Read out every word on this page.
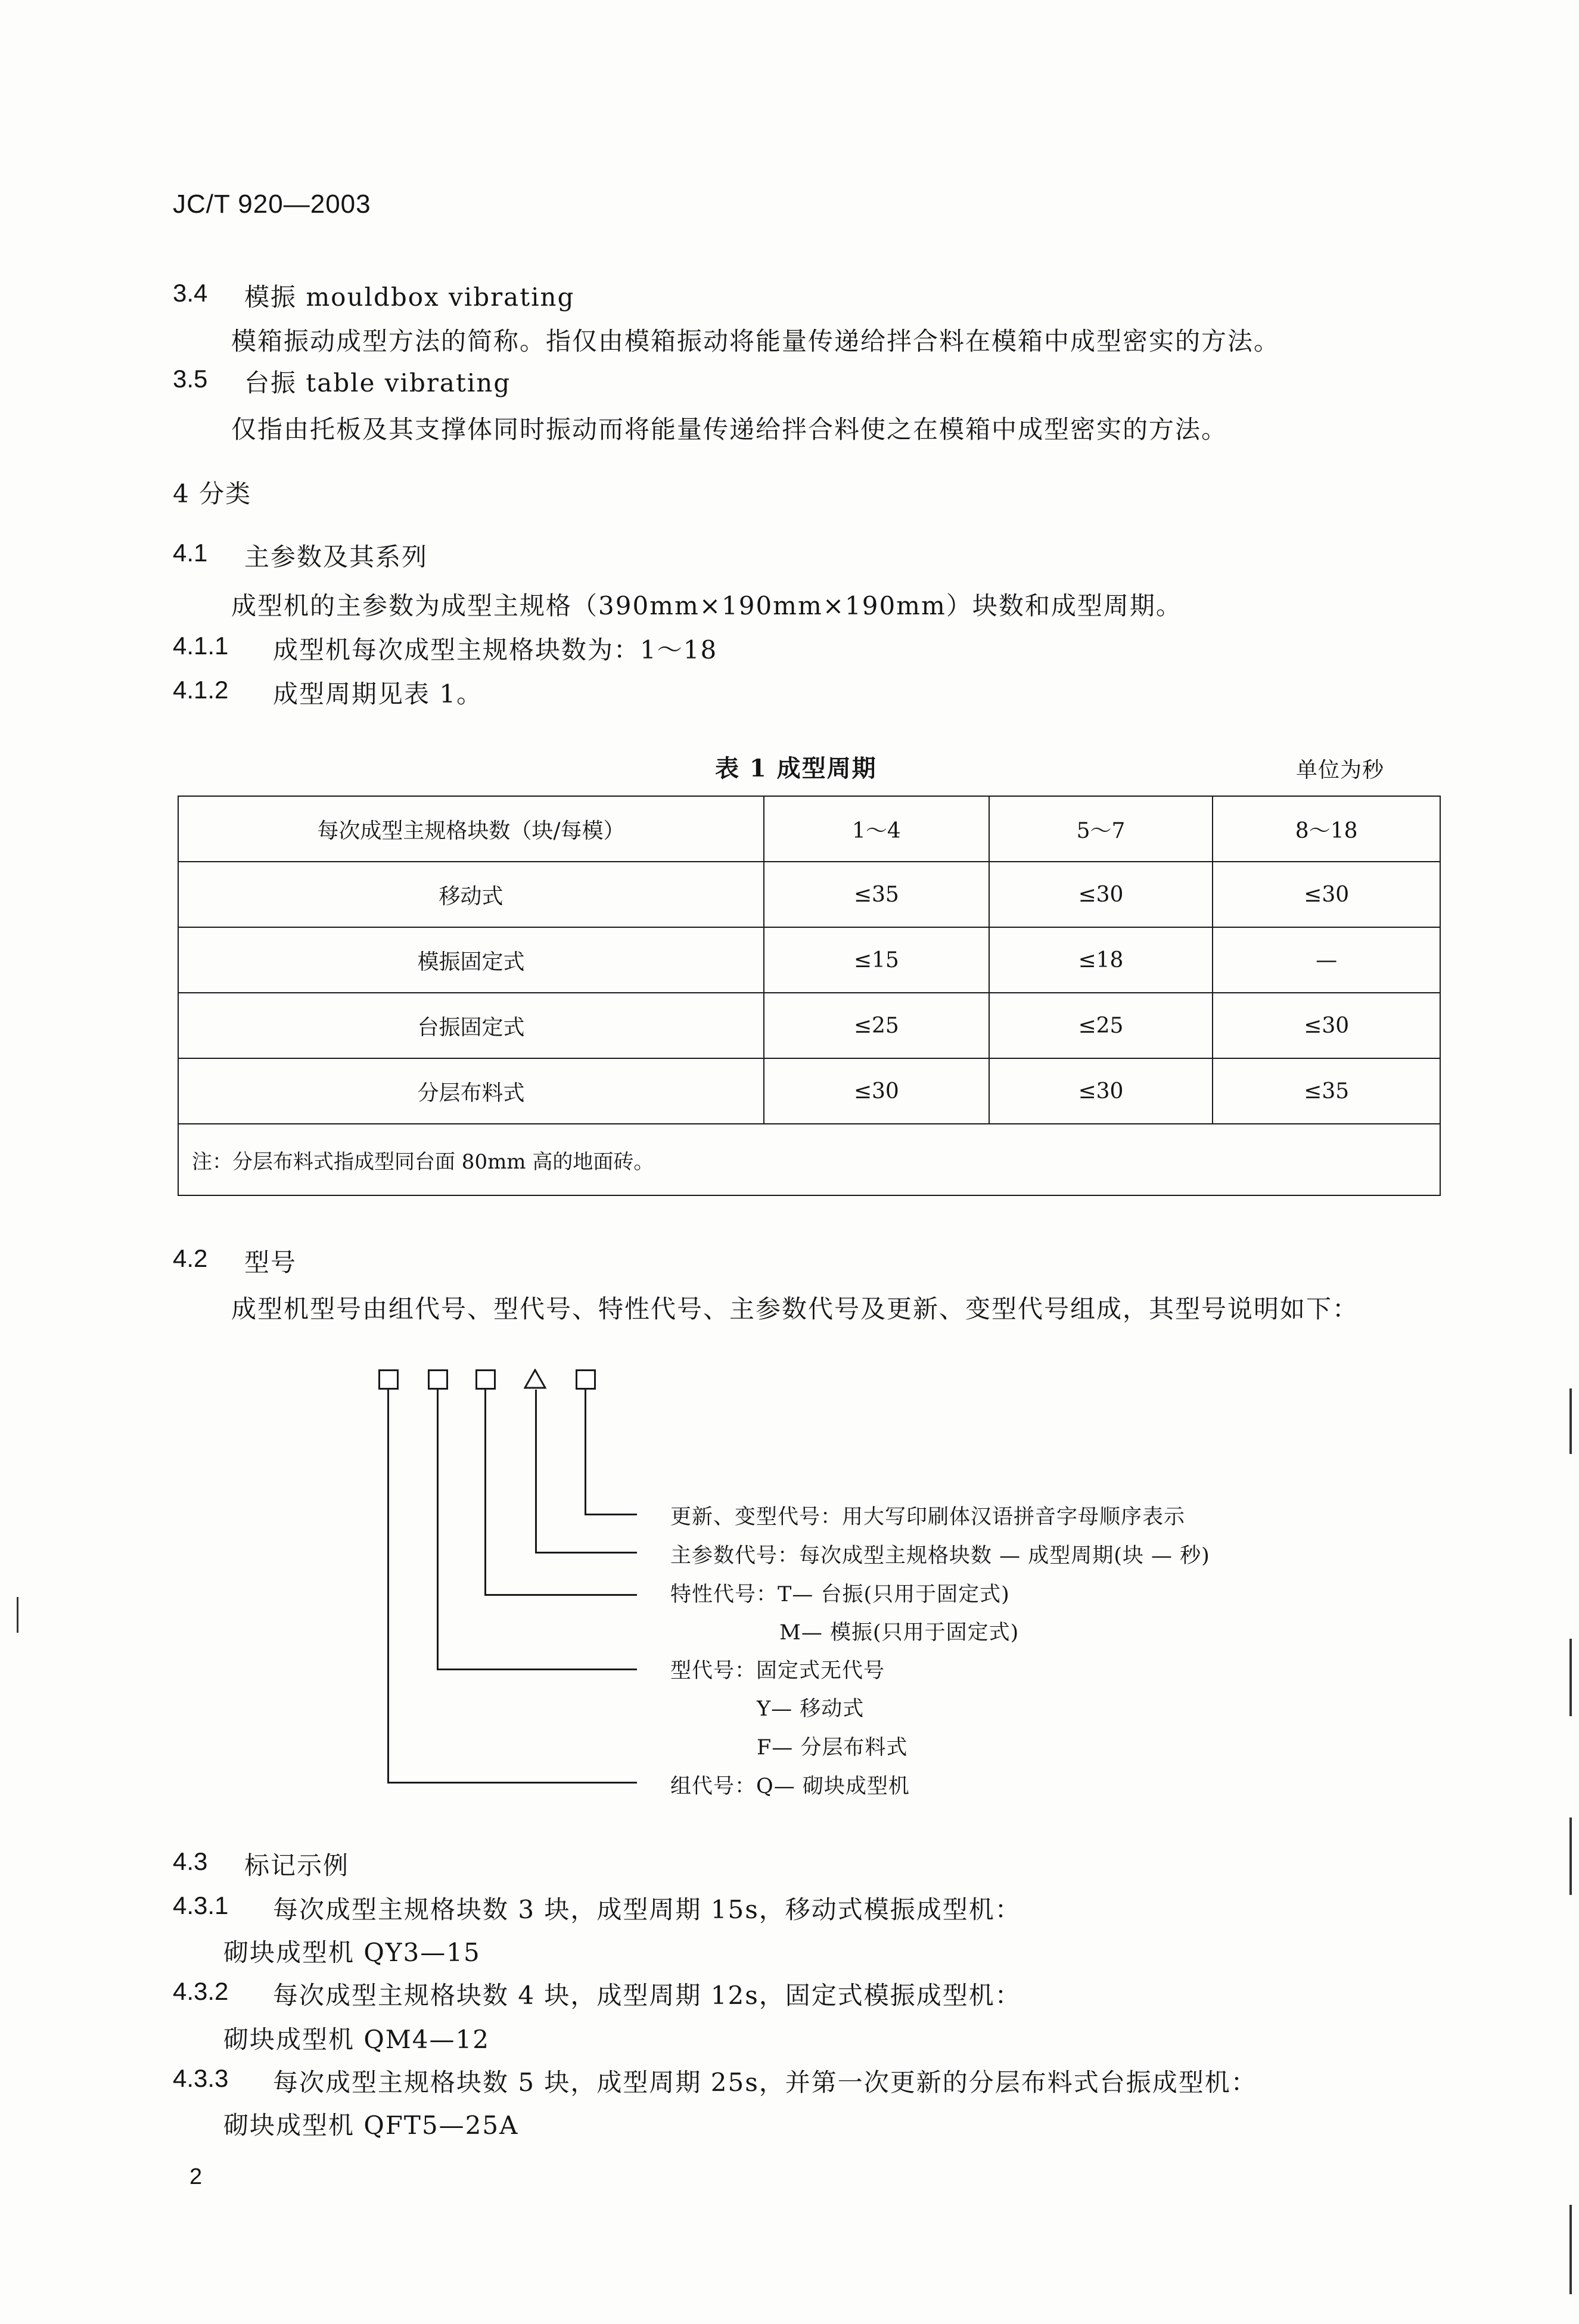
JC/T 920—2003
3.4 模振 mouldbox vibrating
模箱振动成型方法的简称。指仅由模箱振动将能量传递给拌合料在模箱中成型密实的方法。
3.5 台振 table vibrating
仅指由托板及其支撑体同时振动而将能量传递给拌合料使之在模箱中成型密实的方法。
4 分类
4.1 主参数及其系列
成型机的主参数为成型主规格（390mm×190mm×190mm）块数和成型周期。
4.1.1 成型机每次成型主规格块数为：1～18
4.1.2 成型周期见表 1。
表 1 成型周期	单位为秒
每次成型主规格块数（块/每模）	1～4	5～7	8～18
移动式	≤35	≤30	≤30
模振固定式	≤15	≤18	—
台振固定式	≤25	≤25	≤30
分层布料式	≤30	≤30	≤35
注：分层布料式指成型同台面 80mm 高的地面砖。			
4.2 型号
成型机型号由组代号、型代号、特性代号、主参数代号及更新、变型代号组成，其型号说明如下：
更新、变型代号：用大写印刷体汉语拼音字母顺序表示
主参数代号：每次成型主规格块数 — 成型周期(块 — 秒)
特性代号：T— 台振(只用于固定式)
M— 模振(只用于固定式)
型代号：固定式无代号
Y— 移动式
F— 分层布料式
组代号：Q— 砌块成型机
4.3 标记示例
4.3.1 每次成型主规格块数 3 块，成型周期 15s，移动式模振成型机：
砌块成型机 QY3—15
4.3.2 每次成型主规格块数 4 块，成型周期 12s，固定式模振成型机：
砌块成型机 QM4—12
4.3.3 每次成型主规格块数 5 块，成型周期 25s，并第一次更新的分层布料式台振成型机：
砌块成型机 QFT5—25A
2
